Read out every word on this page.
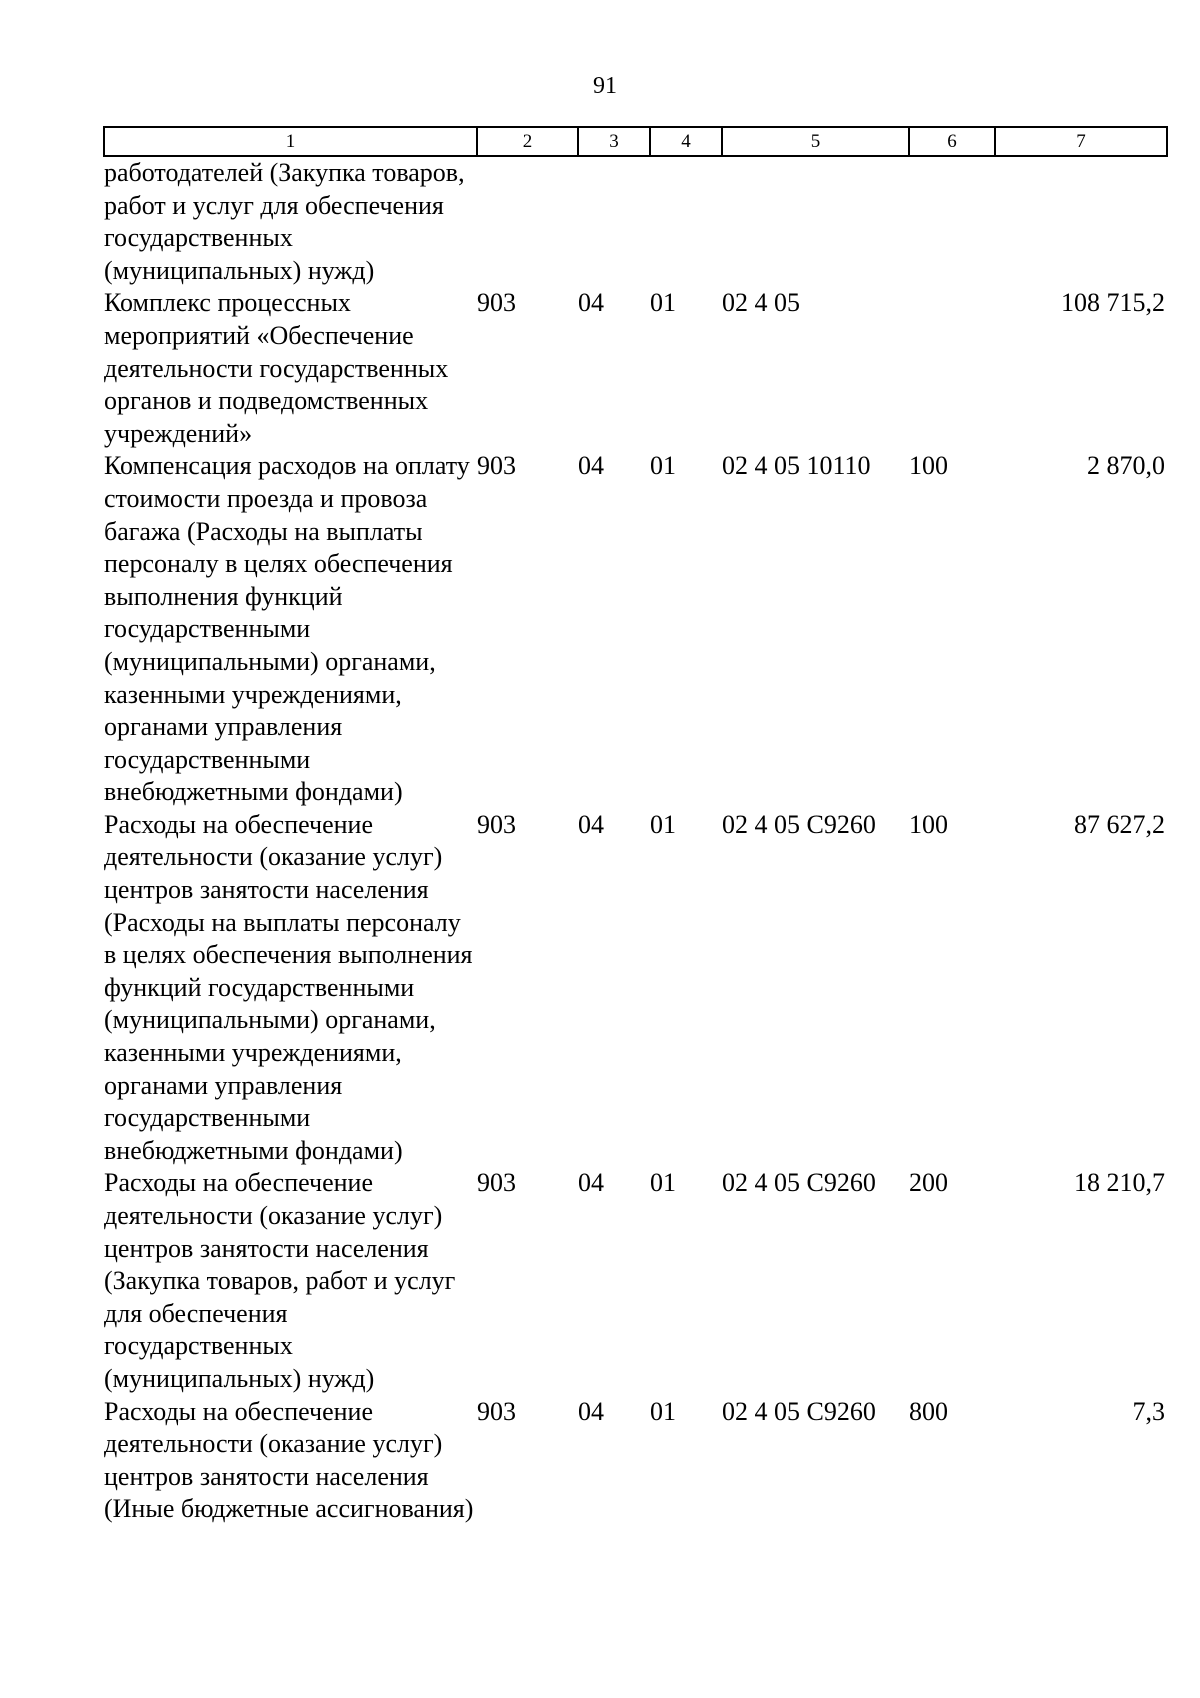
91
1	2	3	4	5	6	7
работодателей (Закупка товаров, работ и услуг для обеспечения государственных (муниципальных) нужд)						
Комплекс процессных мероприятий «Обеспечение деятельности государственных органов и подведомственных учреждений»	903	04	01	02 4 05		108 715,2
Компенсация расходов на оплату стоимости проезда и провоза багажа (Расходы на выплаты персоналу в целях обеспечения выполнения функций государственными (муниципальными) органами, казенными учреждениями, органами управления государственными внебюджетными фондами)	903	04	01	02 4 05 10110	100	2 870,0
Расходы на обеспечение деятельности (оказание услуг) центров занятости населения (Расходы на выплаты персоналу в целях обеспечения выполнения функций государственными (муниципальными) органами, казенными учреждениями, органами управления государственными внебюджетными фондами)	903	04	01	02 4 05 С9260	100	87 627,2
Расходы на обеспечение деятельности (оказание услуг) центров занятости населения (Закупка товаров, работ и услуг для обеспечения государственных (муниципальных) нужд)	903	04	01	02 4 05 С9260	200	18 210,7
Расходы на обеспечение деятельности (оказание услуг) центров занятости населения (Иные бюджетные ассигнования)	903	04	01	02 4 05 С9260	800	7,3
